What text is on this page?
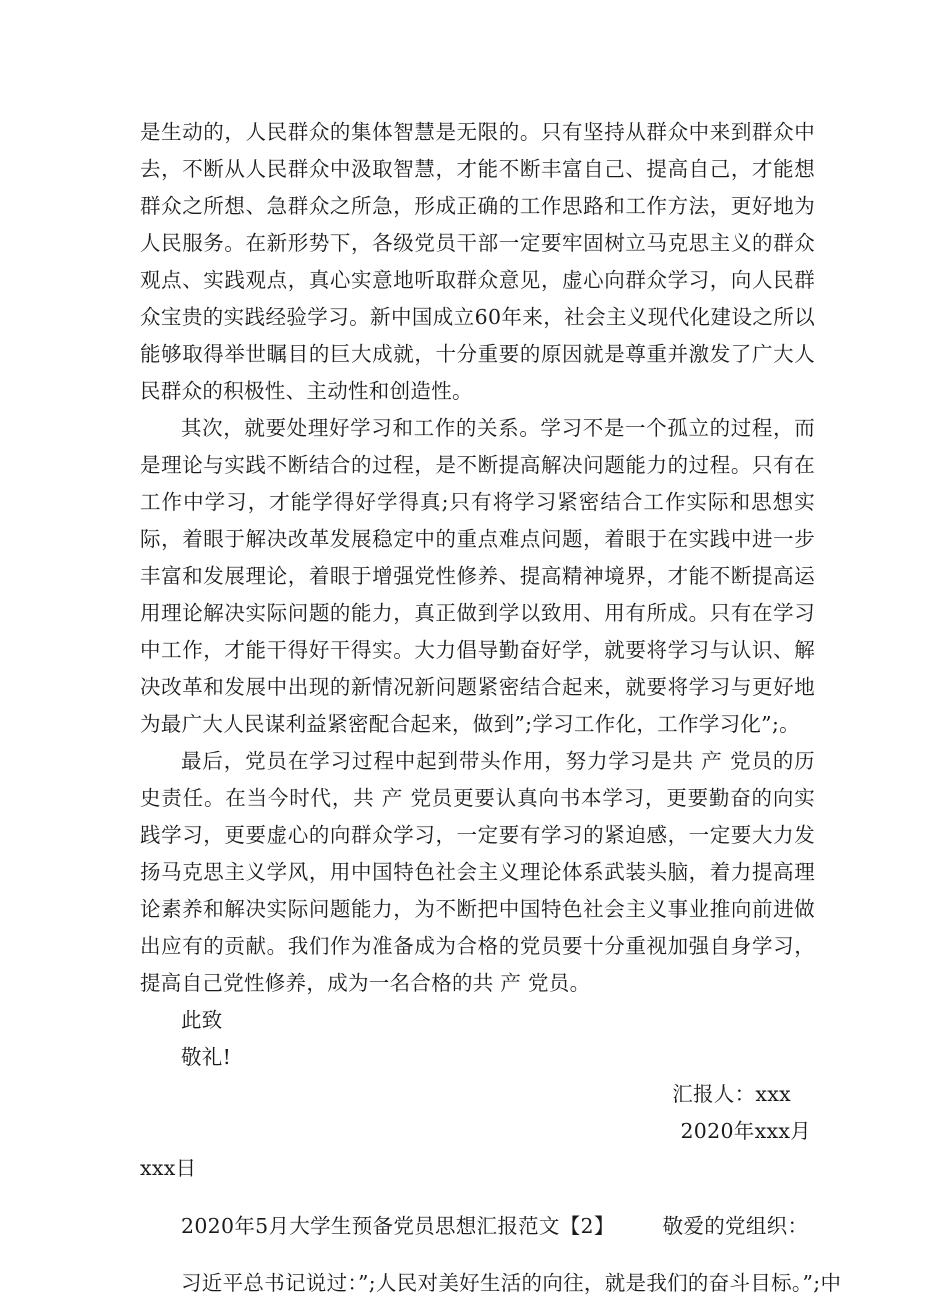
是生动的，人民群众的集体智慧是无限的。只有坚持从群众中来到群众中去，不断从人民群众中汲取智慧，才能不断丰富自己、提高自己，才能想群众之所想、急群众之所急，形成正确的工作思路和工作方法，更好地为人民服务。在新形势下，各级党员干部一定要牢固树立马克思主义的群众观点、实践观点，真心实意地听取群众意见，虚心向群众学习，向人民群众宝贵的实践经验学习。新中国成立60年来，社会主义现代化建设之所以能够取得举世瞩目的巨大成就，十分重要的原因就是尊重并激发了广大人民群众的积极性、主动性和创造性。

其次，就要处理好学习和工作的关系。学习不是一个孤立的过程，而是理论与实践不断结合的过程，是不断提高解决问题能力的过程。只有在工作中学习，才能学得好学得真;只有将学习紧密结合工作实际和思想实际，着眼于解决改革发展稳定中的重点难点问题，着眼于在实践中进一步丰富和发展理论，着眼于增强党性修养、提高精神境界，才能不断提高运用理论解决实际问题的能力，真正做到学以致用、用有所成。只有在学习中工作，才能干得好干得实。大力倡导勤奋好学，就要将学习与认识、解决改革和发展中出现的新情况新问题紧密结合起来，就要将学习与更好地为最广大人民谋利益紧密配合起来，做到”;学习工作化，工作学习化”;。

最后，党员在学习过程中起到带头作用，努力学习是共 产 党员的历史责任。在当今时代，共 产 党员更要认真向书本学习，更要勤奋的向实践学习，更要虚心的向群众学习，一定要有学习的紧迫感，一定要大力发扬马克思主义学风，用中国特色社会主义理论体系武装头脑，着力提高理论素养和解决实际问题能力，为不断把中国特色社会主义事业推向前进做出应有的贡献。我们作为准备成为合格的党员要十分重视加强自身学习，提高自己党性修养，成为一名合格的共 产 党员。

此致

敬礼!

汇报人：xxx

2020年xxx月

xxx日

2020年5月大学生预备党员思想汇报范文【2】 敬爱的党组织：

习近平总书记说过：”;人民对美好生活的向往，就是我们的奋斗目标。”;中
